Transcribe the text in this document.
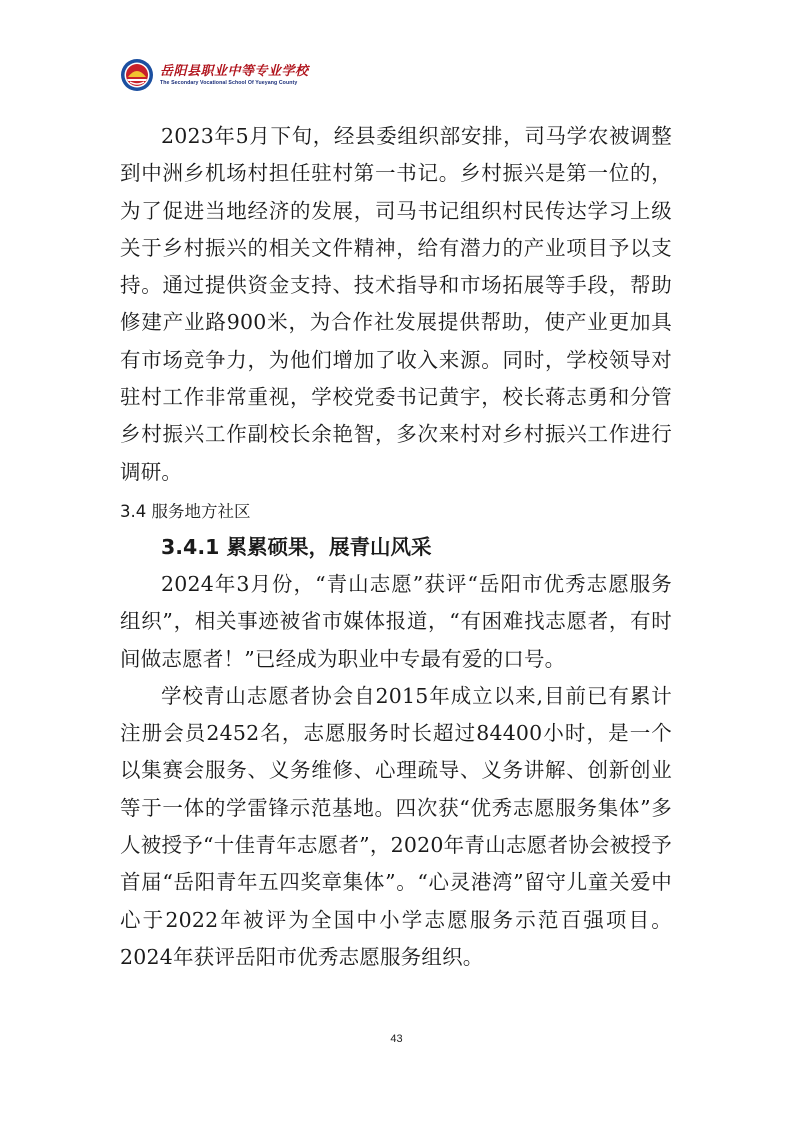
岳阳县职业中等专业学校
The Secondary Vocational School Of Yueyang County

2023年5月下旬，经县委组织部安排，司马学农被调整到中洲乡机场村担任驻村第一书记。乡村振兴是第一位的，为了促进当地经济的发展，司马书记组织村民传达学习上级关于乡村振兴的相关文件精神，给有潜力的产业项目予以支持。通过提供资金支持、技术指导和市场拓展等手段，帮助修建产业路900米，为合作社发展提供帮助，使产业更加具有市场竞争力，为他们增加了收入来源。同时，学校领导对驻村工作非常重视，学校党委书记黄宇，校长蒋志勇和分管乡村振兴工作副校长余艳智，多次来村对乡村振兴工作进行调研。

3.4 服务地方社区

3.4.1 累累硕果，展青山风采

2024年3月份，“青山志愿”获评“岳阳市优秀志愿服务组织”，相关事迹被省市媒体报道，“有困难找志愿者，有时间做志愿者！”已经成为职业中专最有爱的口号。

学校青山志愿者协会自2015年成立以来,目前已有累计注册会员2452名，志愿服务时长超过84400小时，是一个以集赛会服务、义务维修、心理疏导、义务讲解、创新创业等于一体的学雷锋示范基地。四次获“优秀志愿服务集体”多人被授予“十佳青年志愿者”，2020年青山志愿者协会被授予首届“岳阳青年五四奖章集体”。“心灵港湾”留守儿童关爱中心于2022年被评为全国中小学志愿服务示范百强项目。2024年获评岳阳市优秀志愿服务组织。

43
